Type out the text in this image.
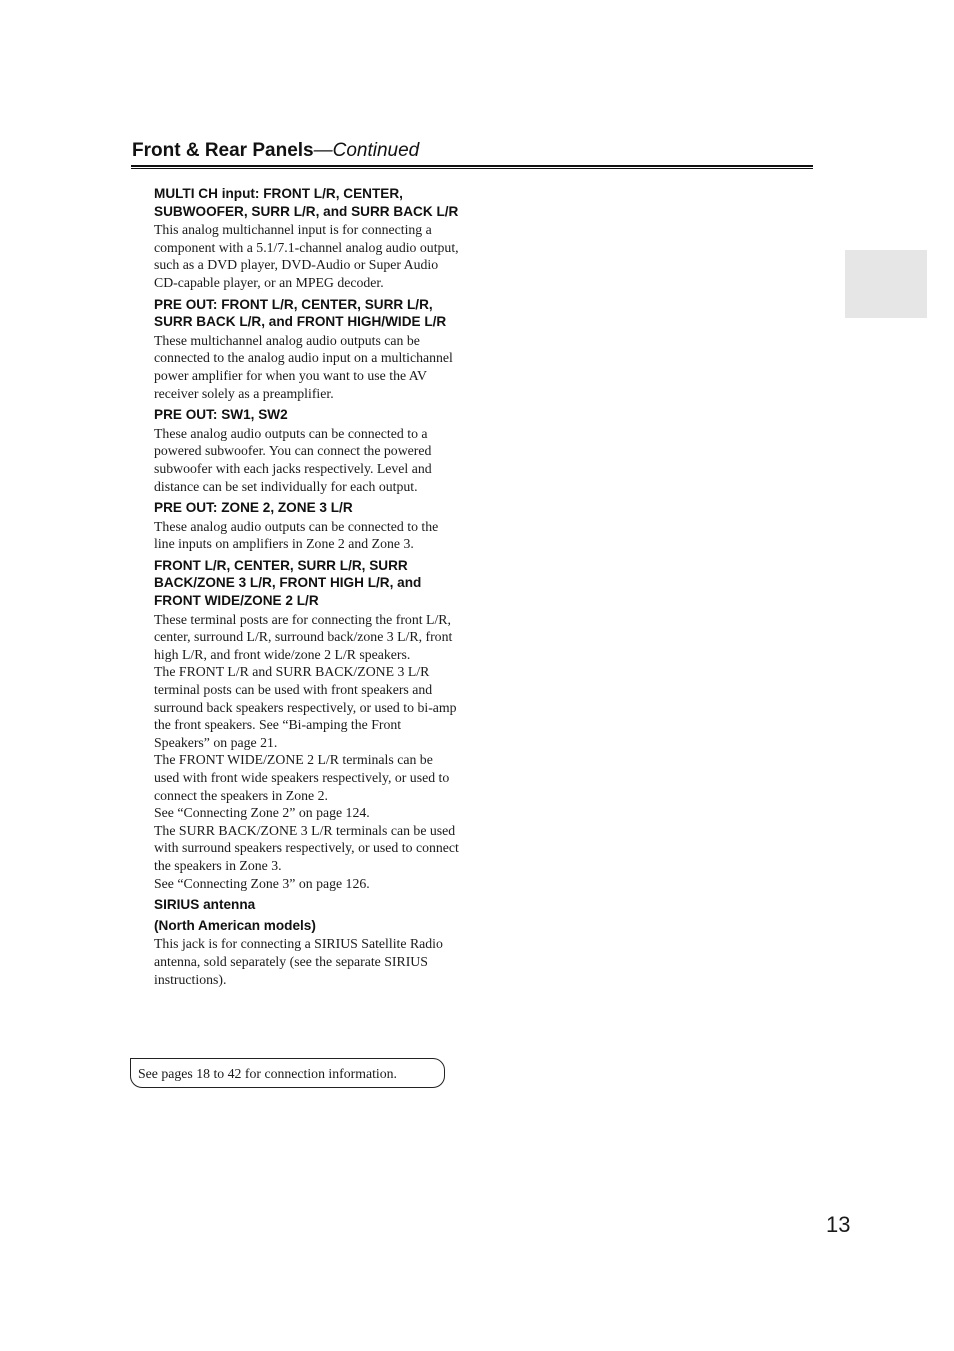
Front & Rear Panels—Continued
MULTI CH input: FRONT L/R, CENTER, SUBWOOFER, SURR L/R, and SURR BACK L/R

This analog multichannel input is for connecting a component with a 5.1/7.1-channel analog audio output, such as a DVD player, DVD-Audio or Super Audio CD-capable player, or an MPEG decoder.

PRE OUT: FRONT L/R, CENTER, SURR L/R, SURR BACK L/R, and FRONT HIGH/WIDE L/R

These multichannel analog audio outputs can be connected to the analog audio input on a multichannel power amplifier for when you want to use the AV receiver solely as a preamplifier.

PRE OUT: SW1, SW2

These analog audio outputs can be connected to a powered subwoofer. You can connect the powered subwoofer with each jacks respectively. Level and distance can be set individually for each output.

PRE OUT: ZONE 2, ZONE 3 L/R

These analog audio outputs can be connected to the line inputs on amplifiers in Zone 2 and Zone 3.

FRONT L/R, CENTER, SURR L/R, SURR BACK/ZONE 3 L/R, FRONT HIGH L/R, and FRONT WIDE/ZONE 2 L/R

These terminal posts are for connecting the front L/R, center, surround L/R, surround back/zone 3 L/R, front high L/R, and front wide/zone 2 L/R speakers.

The FRONT L/R and SURR BACK/ZONE 3 L/R terminal posts can be used with front speakers and surround back speakers respectively, or used to bi-amp the front speakers. See “Bi-amping the Front Speakers” on page 21.

The FRONT WIDE/ZONE 2 L/R terminals can be used with front wide speakers respectively, or used to connect the speakers in Zone 2.

See “Connecting Zone 2” on page 124.

The SURR BACK/ZONE 3 L/R terminals can be used with surround speakers respectively, or used to connect the speakers in Zone 3.

See “Connecting Zone 3” on page 126.

SIRIUS antenna
(North American models)

This jack is for connecting a SIRIUS Satellite Radio antenna, sold separately (see the separate SIRIUS instructions).

See pages 18 to 42 for connection information.
13
